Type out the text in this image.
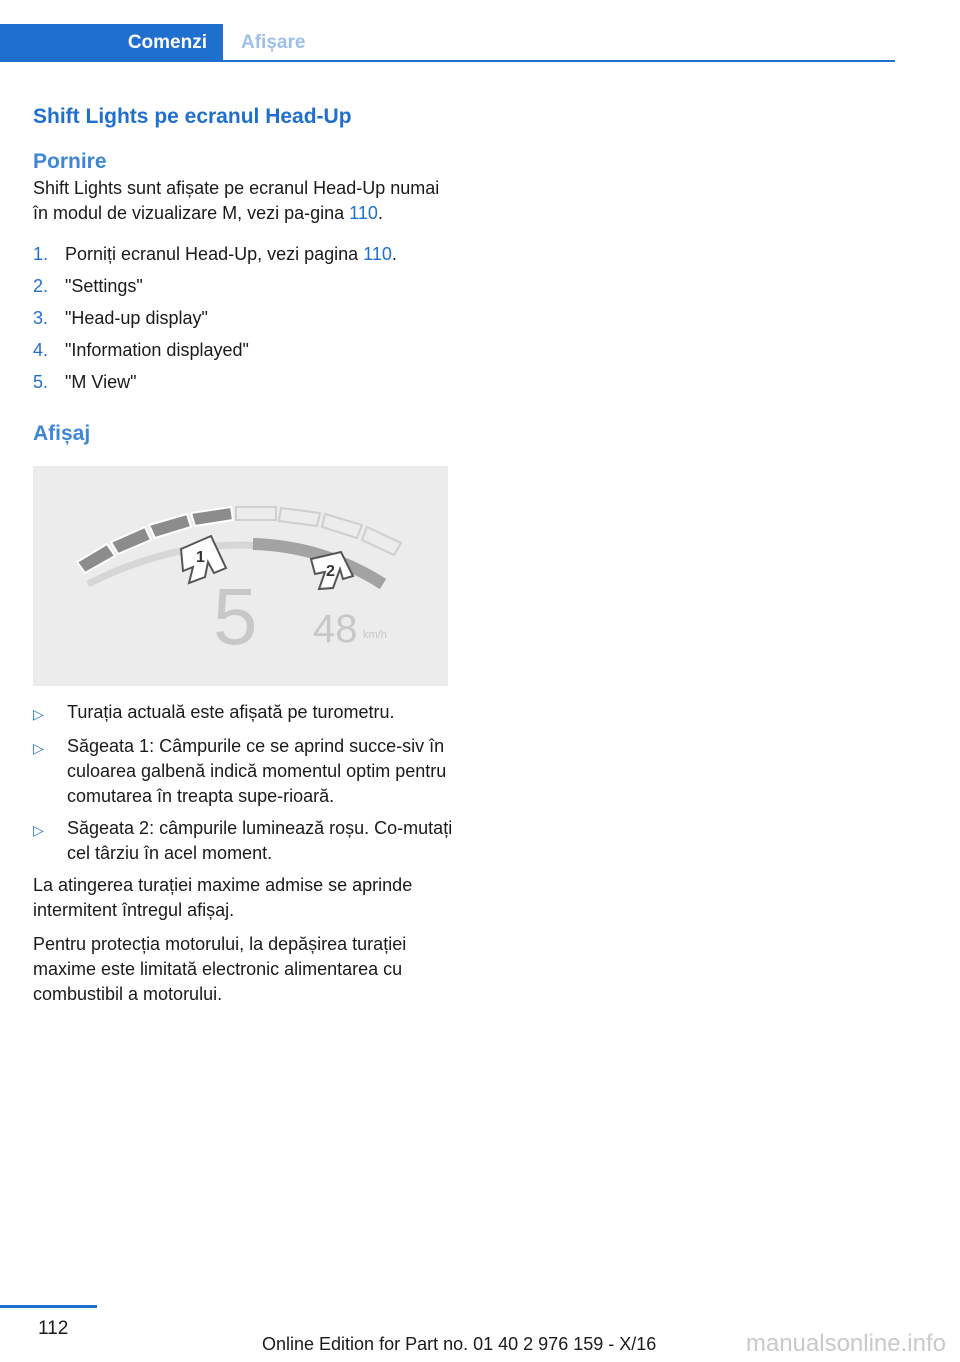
Comenzi	Afișare
Shift Lights pe ecranul Head-Up
Pornire

Shift Lights sunt afișate pe ecranul Head-Up numai în modul de vizualizare M, vezi pa-gina 110.

1. Porniți ecranul Head-Up, vezi pagina 110.
2. "Settings"
3. "Head-up display"
4. "Information displayed"
5. "M View"
Afișaj
1
2
5 48 km/h
▷	Turația actuală este afișată pe turometru.
▷	Săgeata 1: Câmpurile ce se aprind succe-siv în culoarea galbenă indică momentul optim pentru comutarea în treapta supe-rioară.
▷	Săgeata 2: câmpurile luminează roșu. Co-mutați cel târziu în acel moment.

La atingerea turației maxime admise se aprinde intermitent întregul afișaj.

Pentru protecția motorului, la depășirea turației maxime este limitată electronic alimentarea cu combustibil a motorului.

112
Online Edition for Part no. 01 40 2 976 159 - X/16	manualsonline.info
